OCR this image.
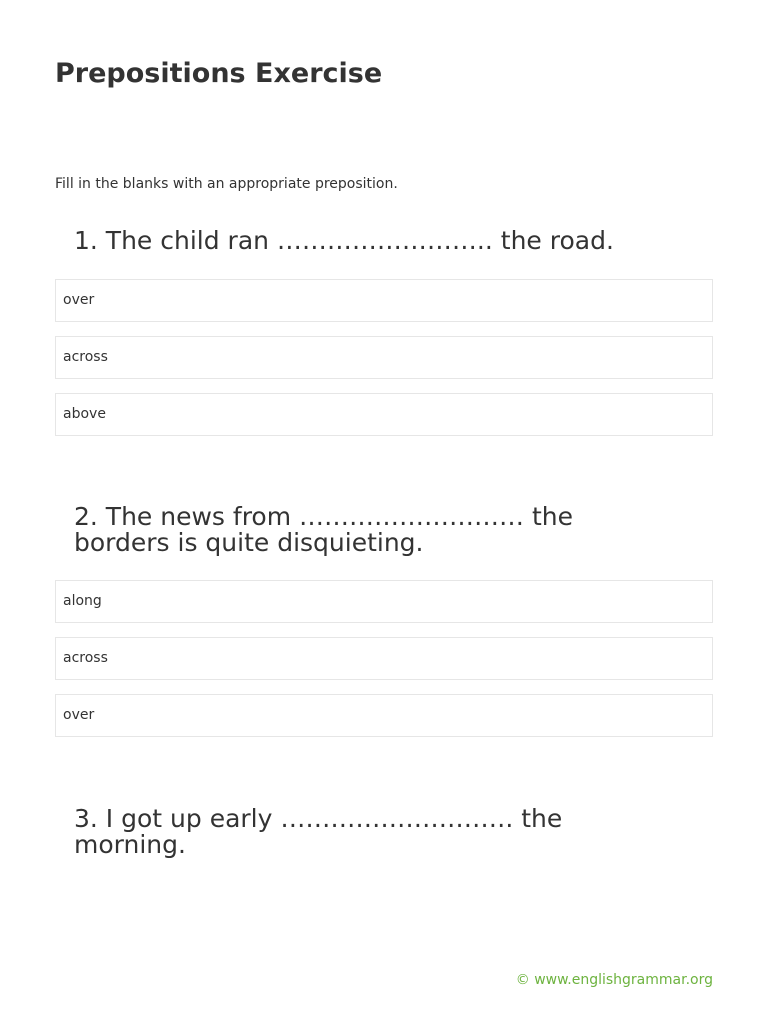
Prepositions Exercise

Fill in the blanks with an appropriate preposition.

1. The child ran …………………….. the road.
over
across
above
2. The news from ……………………… the borders is quite disquieting.
along
across
over
3. I got up early ………………………. the morning.
© www.englishgrammar.org
